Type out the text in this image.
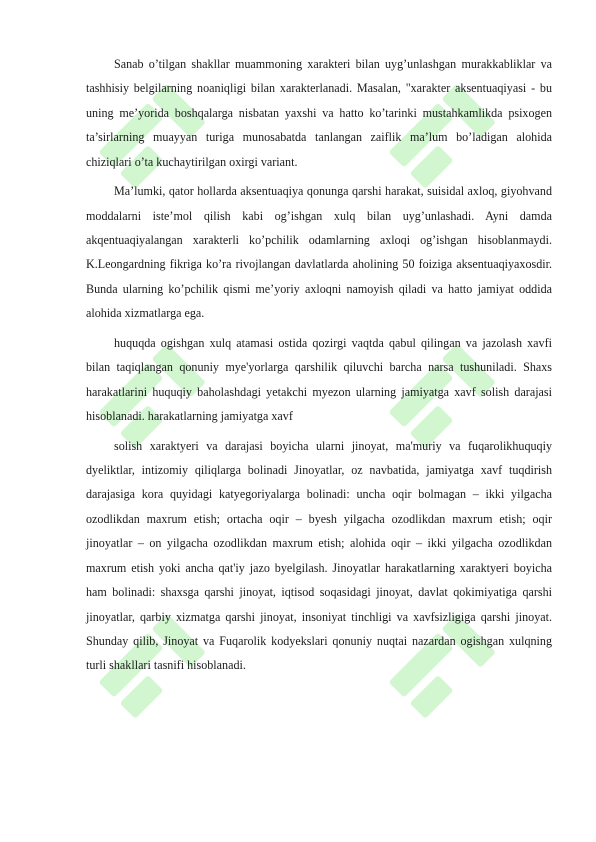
Sanab o’tilgan shakllar muammoning xarakteri bilan uyg’unlashgan murakkabliklar va tashhisiy belgilarning noaniqligi bilan xarakterlanadi. Masalan, "xarakter aksentuaqiyasi - bu uning me’yorida boshqalarga nisbatan yaxshi va hatto ko’tarinki mustahkamlikda psixogen ta’sirlarning muayyan turiga munosabatda tanlangan zaiflik ma’lum bo’ladigan alohida chiziqlari o’ta kuchaytirilgan oxirgi variant.

Ma’lumki, qator hollarda aksentuaqiya qonunga qarshi harakat, suisidal axloq, giyohvand moddalarni iste’mol qilish kabi og’ishgan xulq bilan uyg’unlashadi. Ayni damda akqentuaqiyalangan xarakterli ko’pchilik odamlarning axloqi og’ishgan hisoblanmaydi. K.Leongardning fikriga ko’ra rivojlangan davlatlarda aholining 50 foiziga aksentuaqiyaxosdir. Bunda ularning ko’pchilik qismi me’yoriy axloqni namoyish qiladi va hatto jamiyat oddida alohida xizmatlarga ega.

huquqda ogishgan xulq atamasi ostida qozirgi vaqtda qabul qilingan va jazolash xavfi bilan taqiqlangan qonuniy mye'yorlarga qarshilik qiluvchi barcha narsa tushuniladi. Shaxs harakatlarini huquqiy baholashdagi yetakchi myezon ularning jamiyatga xavf solish darajasi hisoblanadi. harakatlarning jamiyatga xavf

solish xaraktyeri va darajasi boyicha ularni jinoyat, ma'muriy va fuqarolikhuquqiy dyeliktlar, intizomiy qiliqlarga bolinadi Jinoyatlar, oz navbatida, jamiyatga xavf tuqdirish darajasiga kora quyidagi katyegoriyalarga bolinadi: uncha oqir bolmagan – ikki yilgacha ozodlikdan maxrum etish; ortacha oqir – byesh yilgacha ozodlikdan maxrum etish; oqir jinoyatlar – on yilgacha ozodlikdan maxrum etish; alohida oqir – ikki yilgacha ozodlikdan maxrum etish yoki ancha qat'iy jazo byelgilash. Jinoyatlar harakatlarning xaraktyeri boyicha ham bolinadi: shaxsga qarshi jinoyat, iqtisod soqasidagi jinoyat, davlat qokimiyatiga qarshi jinoyatlar, qarbiy xizmatga qarshi jinoyat, insoniyat tinchligi va xavfsizligiga qarshi jinoyat. Shunday qilib, Jinoyat va Fuqarolik kodyekslari qonuniy nuqtai nazardan ogishgan xulqning turli shakllari tasnifi hisoblanadi.
